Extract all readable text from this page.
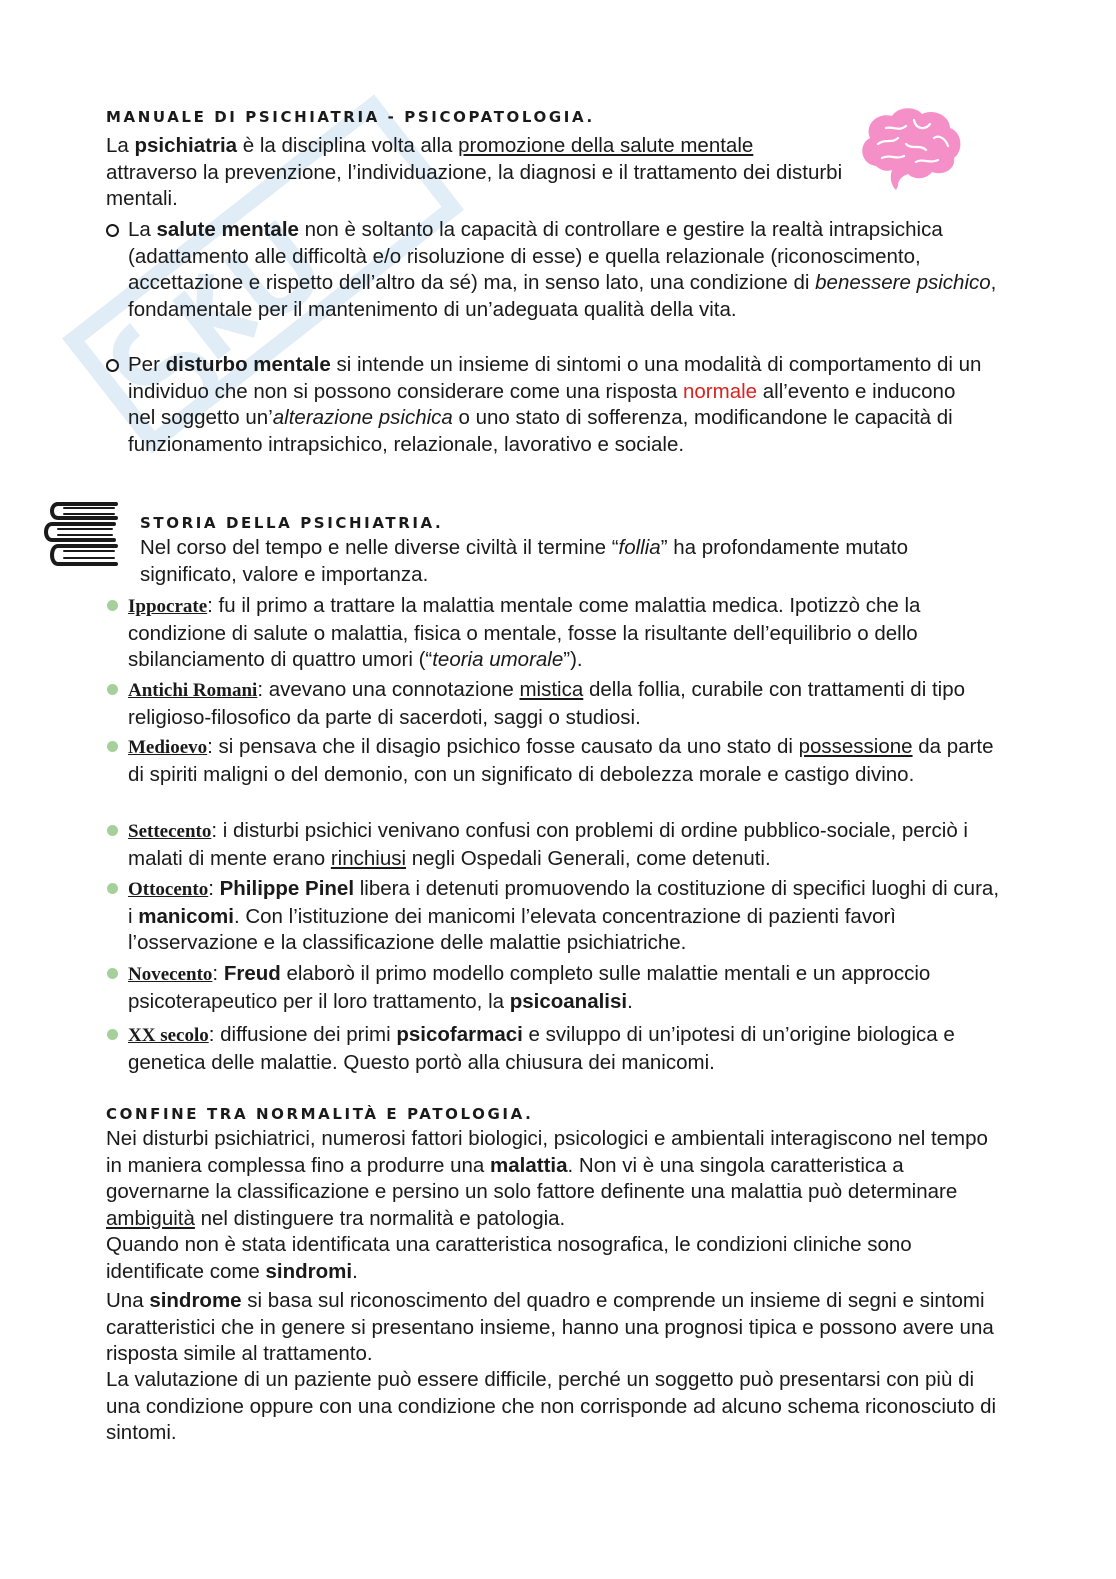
MANUALE DI PSICHIATRIA - PSICOPATOLOGIA.

La psichiatria è la disciplina volta alla promozione della salute mentale attraverso la prevenzione, l’individuazione, la diagnosi e il trattamento dei disturbi mentali.

La salute mentale non è soltanto la capacità di controllare e gestire la realtà intrapsichica (adattamento alle difficoltà e/o risoluzione di esse) e quella relazionale (riconoscimento, accettazione e rispetto dell’altro da sé) ma, in senso lato, una condizione di benessere psichico, fondamentale per il mantenimento di un’adeguata qualità della vita.

Per disturbo mentale si intende un insieme di sintomi o una modalità di comportamento di un individuo che non si possono considerare come una risposta normale all’evento e inducono nel soggetto un’alterazione psichica o uno stato di sofferenza, modificandone le capacità di funzionamento intrapsichico, relazionale, lavorativo e sociale.

STORIA DELLA PSICHIATRIA.

Nel corso del tempo e nelle diverse civiltà il termine “follia” ha profondamente mutato significato, valore e importanza.

Ippocrate: fu il primo a trattare la malattia mentale come malattia medica. Ipotizzò che la condizione di salute o malattia, fisica o mentale, fosse la risultante dell’equilibrio o dello sbilanciamento di quattro umori (“teoria umorale”).

Antichi Romani: avevano una connotazione mistica della follia, curabile con trattamenti di tipo religioso-filosofico da parte di sacerdoti, saggi o studiosi.

Medioevo: si pensava che il disagio psichico fosse causato da uno stato di possessione da parte di spiriti maligni o del demonio, con un significato di debolezza morale e castigo divino.

Settecento: i disturbi psichici venivano confusi con problemi di ordine pubblico-sociale, perciò i malati di mente erano rinchiusi negli Ospedali Generali, come detenuti.

Ottocento: Philippe Pinel libera i detenuti promuovendo la costituzione di specifici luoghi di cura, i manicomi. Con l’istituzione dei manicomi l’elevata concentrazione di pazienti favorì l’osservazione e la classificazione delle malattie psichiatriche.

Novecento: Freud elaborò il primo modello completo sulle malattie mentali e un approccio psicoterapeutico per il loro trattamento, la psicoanalisi.

XX secolo: diffusione dei primi psicofarmaci e sviluppo di un’ipotesi di un’origine biologica e genetica delle malattie. Questo portò alla chiusura dei manicomi.

CONFINE TRA NORMALITÀ E PATOLOGIA.

Nei disturbi psichiatrici, numerosi fattori biologici, psicologici e ambientali interagiscono nel tempo in maniera complessa fino a produrre una malattia. Non vi è una singola caratteristica a governarne la classificazione e persino un solo fattore definente una malattia può determinare ambiguità nel distinguere tra normalità e patologia.

Quando non è stata identificata una caratteristica nosografica, le condizioni cliniche sono identificate come sindromi.

Una sindrome si basa sul riconoscimento del quadro e comprende un insieme di segni e sintomi caratteristici che in genere si presentano insieme, hanno una prognosi tipica e possono avere una risposta simile al trattamento.

La valutazione di un paziente può essere difficile, perché un soggetto può presentarsi con più di una condizione oppure con una condizione che non corrisponde ad alcuno schema riconosciuto di sintomi.
